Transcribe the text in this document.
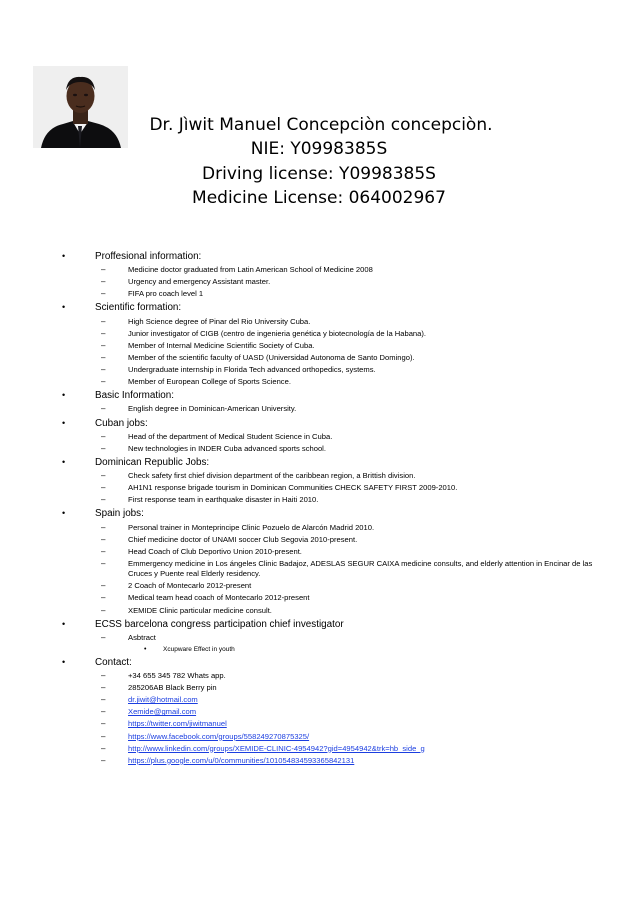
Dr. Jìwit Manuel Concepciòn concepciòn.
NIE: Y0998385S
Driving license: Y0998385S
Medicine License: 064002967
•	Proffesional information:
–	Medicine doctor graduated from Latin American School of Medicine 2008
–	Urgency and emergency Assistant master.
–	FIFA pro coach level 1
•	Scientific formation:
–	High Science degree of Pinar del Rio University Cuba.
–	Junior investigator of CIGB (centro de ingenieria genética y biotecnología de la Habana).
–	Member of Internal Medicine Scientific Society of Cuba.
–	Member of the scientific faculty of UASD (Universidad Autonoma de Santo Domingo).
–	Undergraduate internship in Florida Tech advanced orthopedics, systems.
–	Member of European College of Sports Science.
•	Basic Information:
–	English degree in Dominican-American University.
•	Cuban jobs:
–	Head of the department of Medical Student Science in Cuba.
–	New technologies in INDER Cuba advanced sports school.
•	Dominican Republic Jobs:
–	Check safety first chief division department of the caribbean region, a Brittish division.
–	AH1N1 response brigade tourism in Dominican Communities CHECK SAFETY FIRST 2009-2010.
–	First response team in earthquake disaster in Haiti 2010.
•	Spain jobs:
–	Personal trainer in Monteprincipe Clinic Pozuelo de Alarcón Madrid 2010.
–	Chief medicine doctor of UNAMI soccer Club Segovia 2010-present.
–	Head Coach of Club Deportivo Union 2010-present.
–	Emmergency medicine in Los ángeles Clinic Badajoz, ADESLAS SEGUR CAIXA medicine consults, and elderly attention in Encinar de las Cruces y Puente real Elderly residency.
–	2 Coach of Montecarlo 2012-present
–	Medical team head coach of Montecarlo 2012-present
–	XEMIDE Clinic particular medicine consult.
•	ECSS barcelona congress participation chief investigator
–	Asbtract
•	Xcupware Effect in youth
•	Contact:
–	+34 655 345 782 Whats app.
–	285206AB Black Berry pin
–	dr.jiwit@hotmail.com
–	Xemide@gmail.com
–	https://twitter.com/jiwitmanuel
–	https://www.facebook.com/groups/558249270875325/
–	http://www.linkedin.com/groups/XEMIDE-CLINIC-4954942?gid=4954942&trk=hb_side_g
–	https://plus.google.com/u/0/communities/101054834593365842131
